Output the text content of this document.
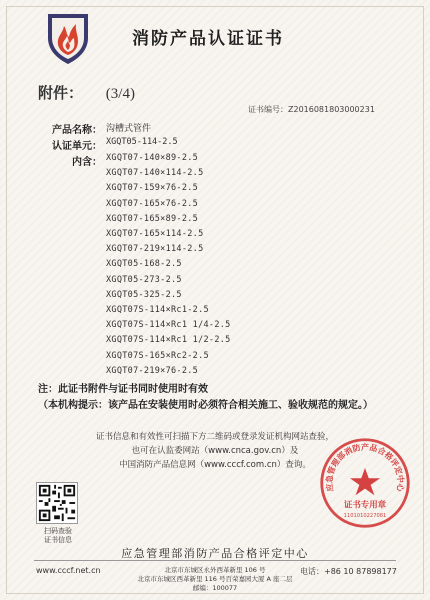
消防产品认证证书
附件： (3/4)
证书编号：Z2016081803000231
产品名称： 沟槽式管件
认证单元： XGQT05-114-2.5
内含： XGQT07-140×89-2.5
XGQT07-140×114-2.5
XGQT07-159×76-2.5
XGQT07-165×76-2.5
XGQT07-165×89-2.5
XGQT07-165×114-2.5
XGQT07-219×114-2.5
XGQT05-168-2.5
XGQT05-273-2.5
XGQT05-325-2.5
XGQT07S-114×Rc1-2.5
XGQT07S-114×Rc1 1/4-2.5
XGQT07S-114×Rc1 1/2-2.5
XGQT07S-165×Rc2-2.5
XGQT07-219×76-2.5
注：此证书附件与证书同时使用时有效
（本机构提示：该产品在安装使用时必须符合相关施工、验收规范的规定。）
证书信息和有效性可扫描下方二维码或登录发证机构网站查验，
也可在认监委网站（www.cnca.gov.cn）及
中国消防产品信息网（www.cccf.com.cn）查询。
扫码查验
证书信息
应急管理部消防产品合格评定中心
证书专用章
1101010227081
应急管理部消防产品合格评定中心
www.cccf.net.cn	电话：+86 10 87898177
北京市东城区永外西革新里 106 号
北京市东城区西革新里 116 号百荣嘉园大厦 A 座二层
邮编：100077
